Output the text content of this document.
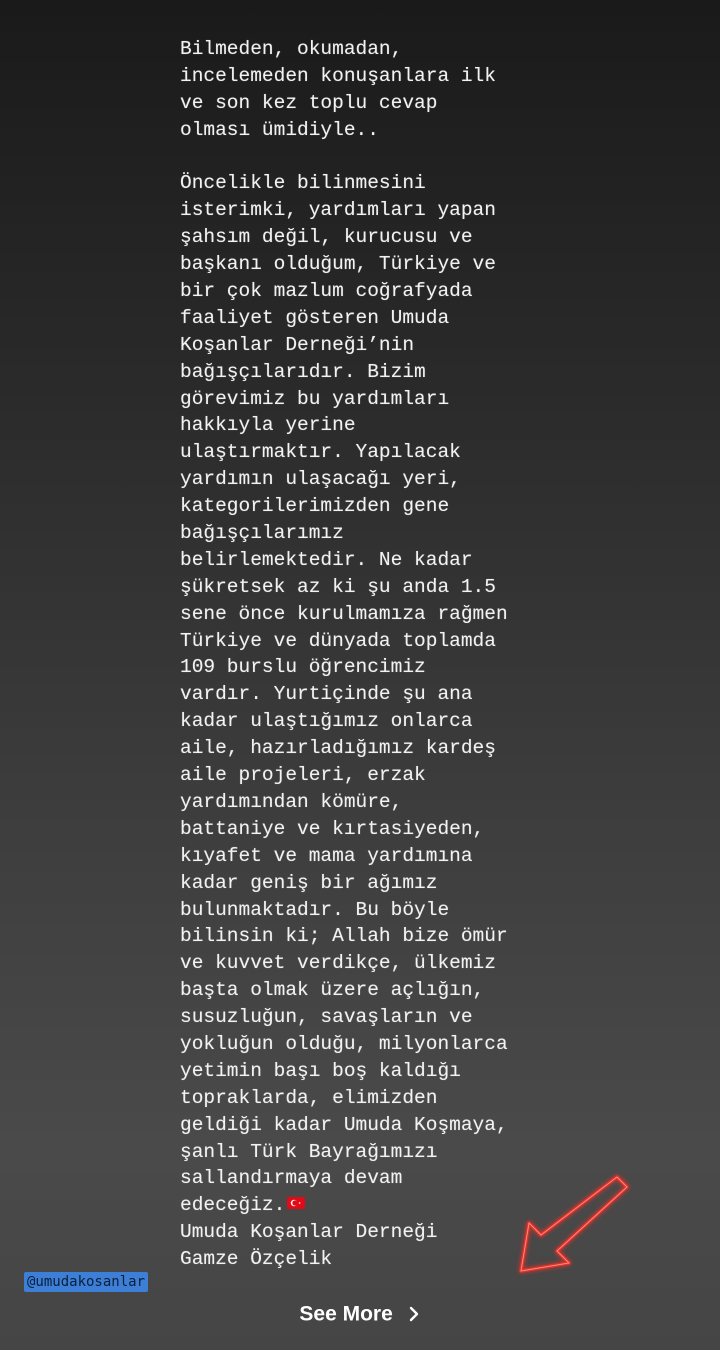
Bilmeden, okumadan,
incelemeden konuşanlara ilk
ve son kez toplu cevap
olması ümidiyle..
Öncelikle bilinmesini
isterimki, yardımları yapan
şahsım değil, kurucusu ve
başkanı olduğum, Türkiye ve
bir çok mazlum coğrafyada
faaliyet gösteren Umuda
Koşanlar Derneği’nin
bağışçılarıdır. Bizim
görevimiz bu yardımları
hakkıyla yerine
ulaştırmaktır. Yapılacak
yardımın ulaşacağı yeri,
kategorilerimizden gene
bağışçılarımız
belirlemektedir. Ne kadar
şükretsek az ki şu anda 1.5
sene önce kurulmamıza rağmen
Türkiye ve dünyada toplamda
109 burslu öğrencimiz
vardır. Yurtiçinde şu ana
kadar ulaştığımız onlarca
aile, hazırladığımız kardeş
aile projeleri, erzak
yardımından kömüre,
battaniye ve kırtasiyeden,
kıyafet ve mama yardımına
kadar geniş bir ağımız
bulunmaktadır. Bu böyle
bilinsin ki; Allah bize ömür
ve kuvvet verdikçe, ülkemiz
başta olmak üzere açlığın,
susuzluğun, savaşların ve
yokluğun olduğu, milyonlarca
yetimin başı boş kaldığı
topraklarda, elimizden
geldiği kadar Umuda Koşmaya,
şanlı Türk Bayrağımızı
sallandırmaya devam
edeceğiz.
Umuda Koşanlar Derneği
Gamze Özçelik
@umudakosanlar
See More
